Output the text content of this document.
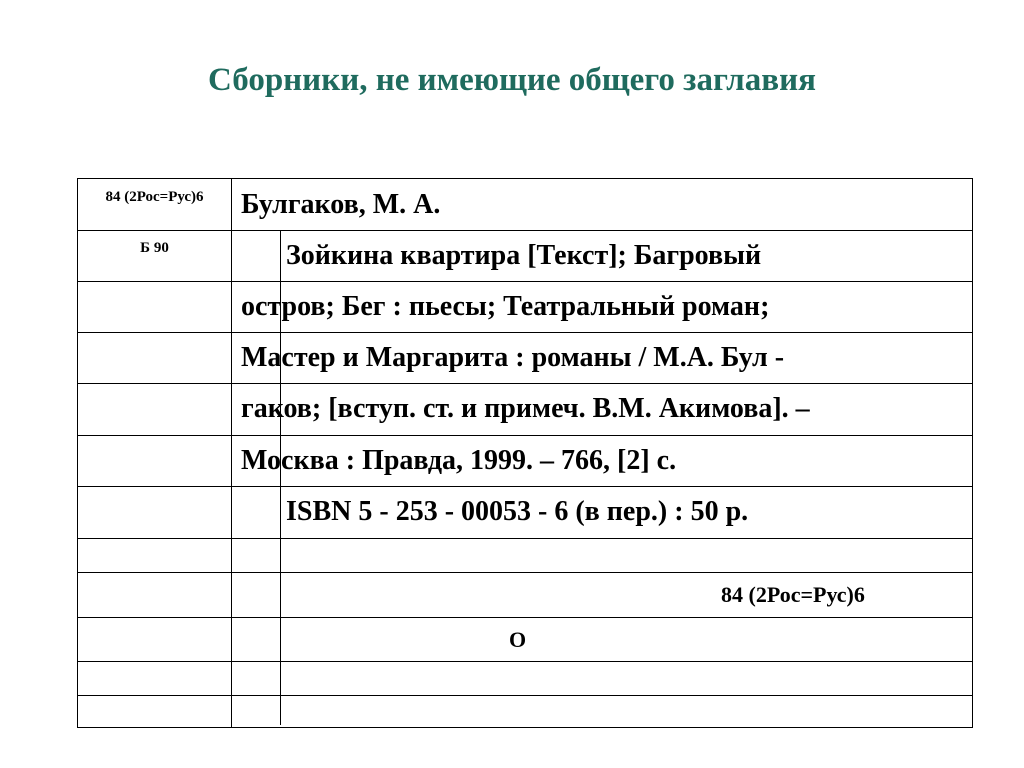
Сборники, не имеющие общего заглавия
84 (2Рос=Рус)6
Б 90
Булгаков, М. А.
Зойкина квартира [Текст]; Багровый
остров; Бег : пьесы; Театральный роман;
Мастер и Маргарита : романы / М.А. Бул -
гаков; [вступ. ст. и примеч. В.М. Акимова]. –
Москва : Правда, 1999. – 766, [2] с.
ISBN 5 - 253 - 00053 - 6 (в пер.) : 50 р.
84 (2Рос=Рус)6
О
